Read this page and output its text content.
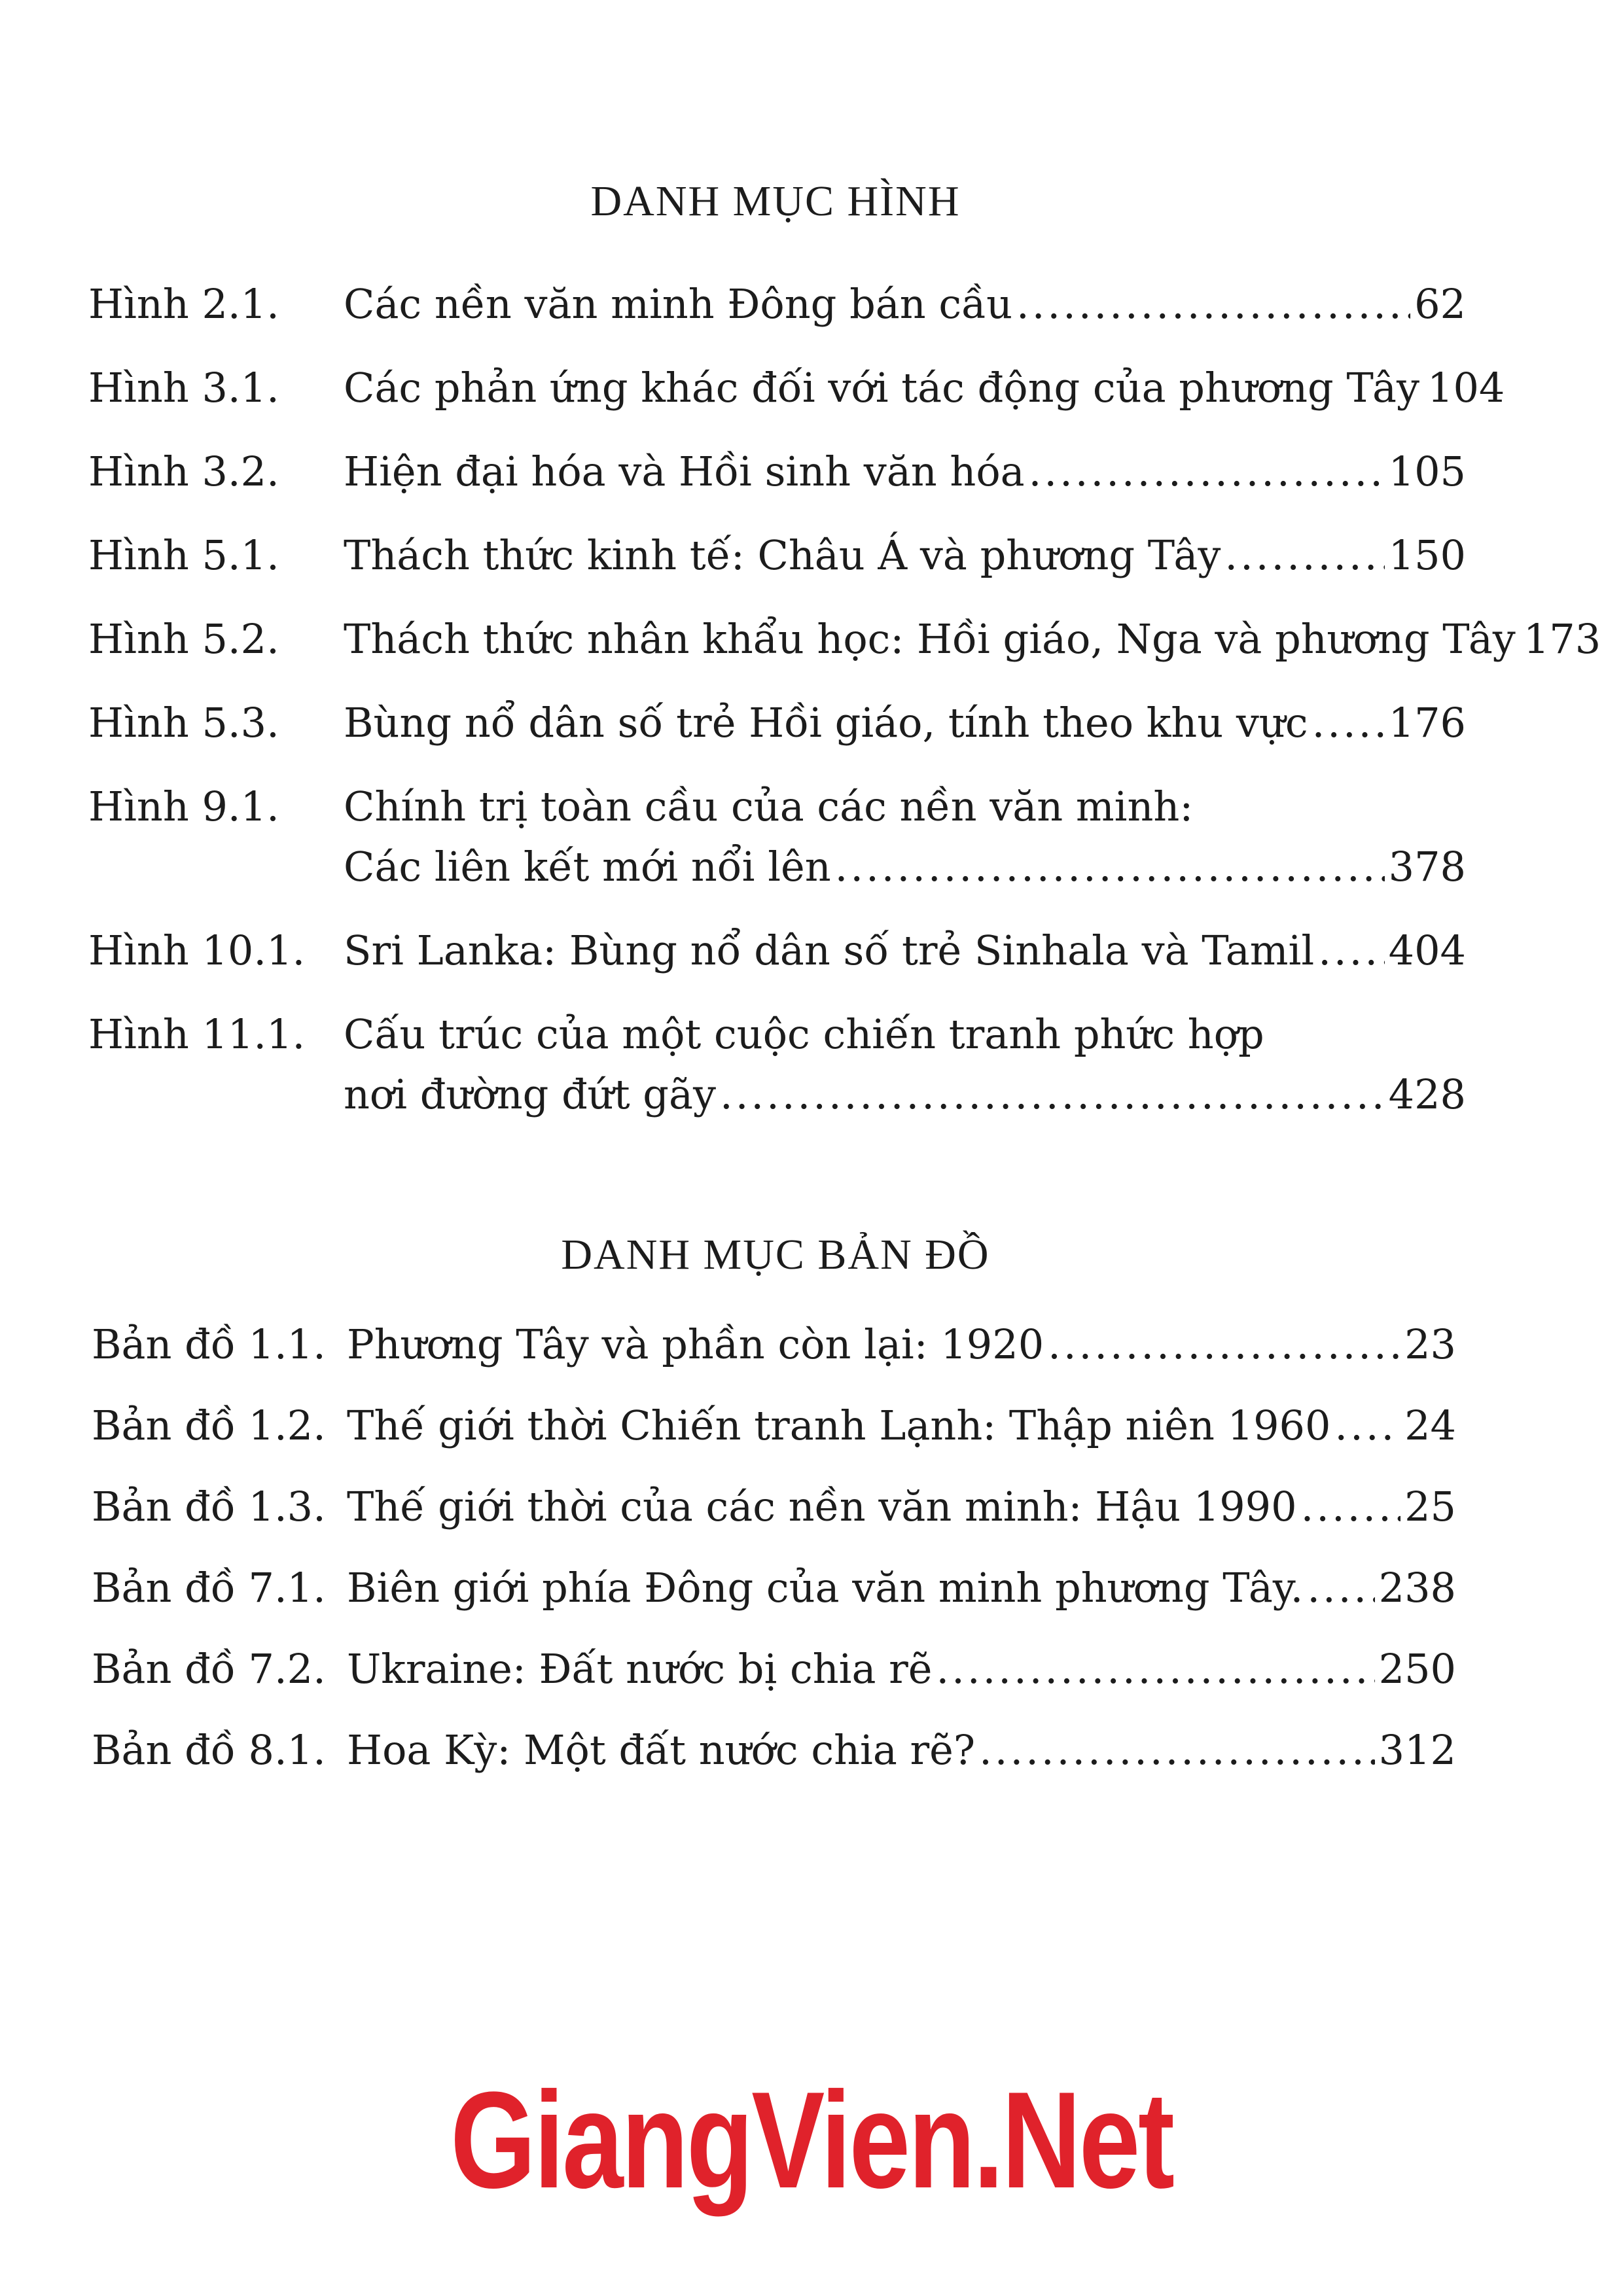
DANH MỤC HÌNH
Hình 2.1. Các nền văn minh Đông bán cầu .....	62
Hình 3.1. Các phản ứng khác đối với tác động của phương Tây 104
Hình 3.2. Hiện đại hóa và Hồi sinh văn hóa .....	105
Hình 5.1. Thách thức kinh tế: Châu Á và phương Tây .....	150
Hình 5.2. Thách thức nhân khẩu học: Hồi giáo, Nga và phương Tây 173
Hình 5.3. Bùng nổ dân số trẻ Hồi giáo, tính theo khu vực ..... 176
Hình 9.1. Chính trị toàn cầu của các nền văn minh:
Các liên kết mới nổi lên .....	378
Hình 10.1. Sri Lanka: Bùng nổ dân số trẻ Sinhala và Tamil ..... 404
Hình 11.1. Cấu trúc của một cuộc chiến tranh phức hợp
nơi đường đứt gãy .....	428
DANH MỤC BẢN ĐỒ
Bản đồ 1.1. Phương Tây và phần còn lại: 1920 .....	23
Bản đồ 1.2. Thế giới thời Chiến tranh Lạnh: Thập niên 1960 ..... 24
Bản đồ 1.3. Thế giới thời của các nền văn minh: Hậu 1990 .....	25
Bản đồ 7.1. Biên giới phía Đông của văn minh phương Tây. ..... 238
Bản đồ 7.2. Ukraine: Đất nước bị chia rẽ .....	250
Bản đồ 8.1. Hoa Kỳ: Một đất nước chia rẽ? .....	312
GiangVien.Net
